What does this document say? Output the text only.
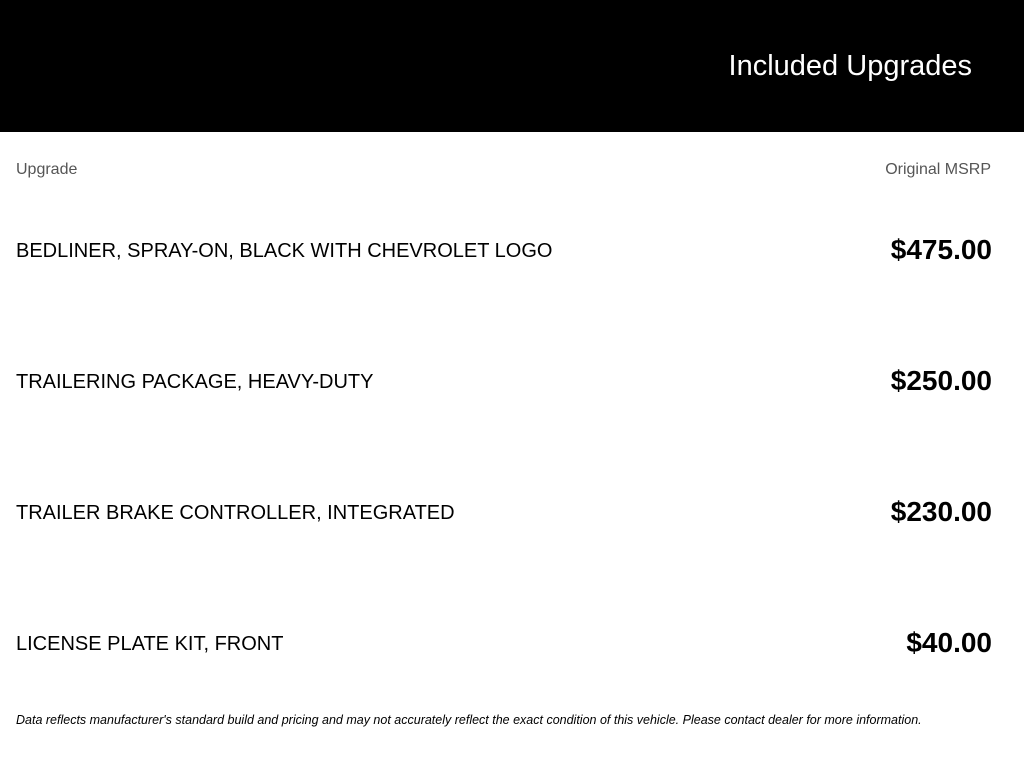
Included Upgrades
Upgrade	Original MSRP
BEDLINER, SPRAY-ON, BLACK WITH CHEVROLET LOGO	$475.00
TRAILERING PACKAGE, HEAVY-DUTY	$250.00
TRAILER BRAKE CONTROLLER, INTEGRATED	$230.00
LICENSE PLATE KIT, FRONT	$40.00
Data reflects manufacturer's standard build and pricing and may not accurately reflect the exact condition of this vehicle. Please contact dealer for more information.
